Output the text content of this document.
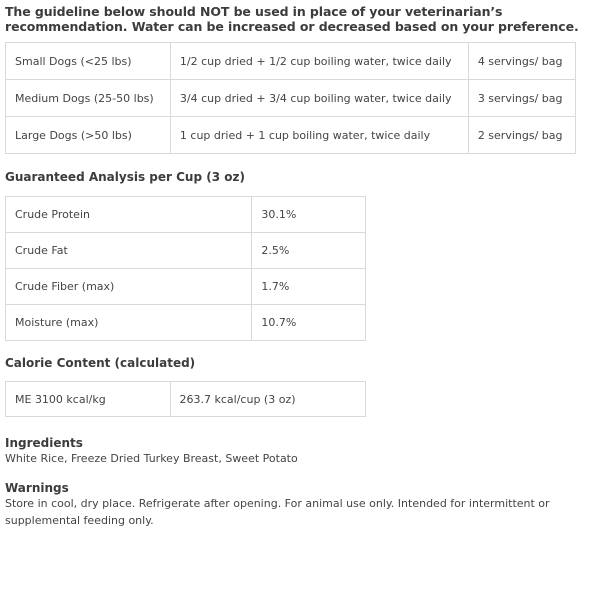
The guideline below should NOT be used in place of your veterinarian’s recommendation. Water can be increased or decreased based on your preference.

Small Dogs (<25 lbs)	1/2 cup dried + 1/2 cup boiling water, twice daily	4 servings/ bag
Medium Dogs (25-50 lbs)	3/4 cup dried + 3/4 cup boiling water, twice daily	3 servings/ bag
Large Dogs (>50 lbs)	1 cup dried + 1 cup boiling water, twice daily	2 servings/ bag
Guaranteed Analysis per Cup (3 oz)
Crude Protein	30.1%
Crude Fat	2.5%
Crude Fiber (max)	1.7%
Moisture (max)	10.7%
Calorie Content (calculated)
ME 3100 kcal/kg	263.7 kcal/cup (3 oz)
Ingredients

White Rice, Freeze Dried Turkey Breast, Sweet Potato

Warnings

Store in cool, dry place. Refrigerate after opening. For animal use only. Intended for intermittent or supplemental feeding only.
